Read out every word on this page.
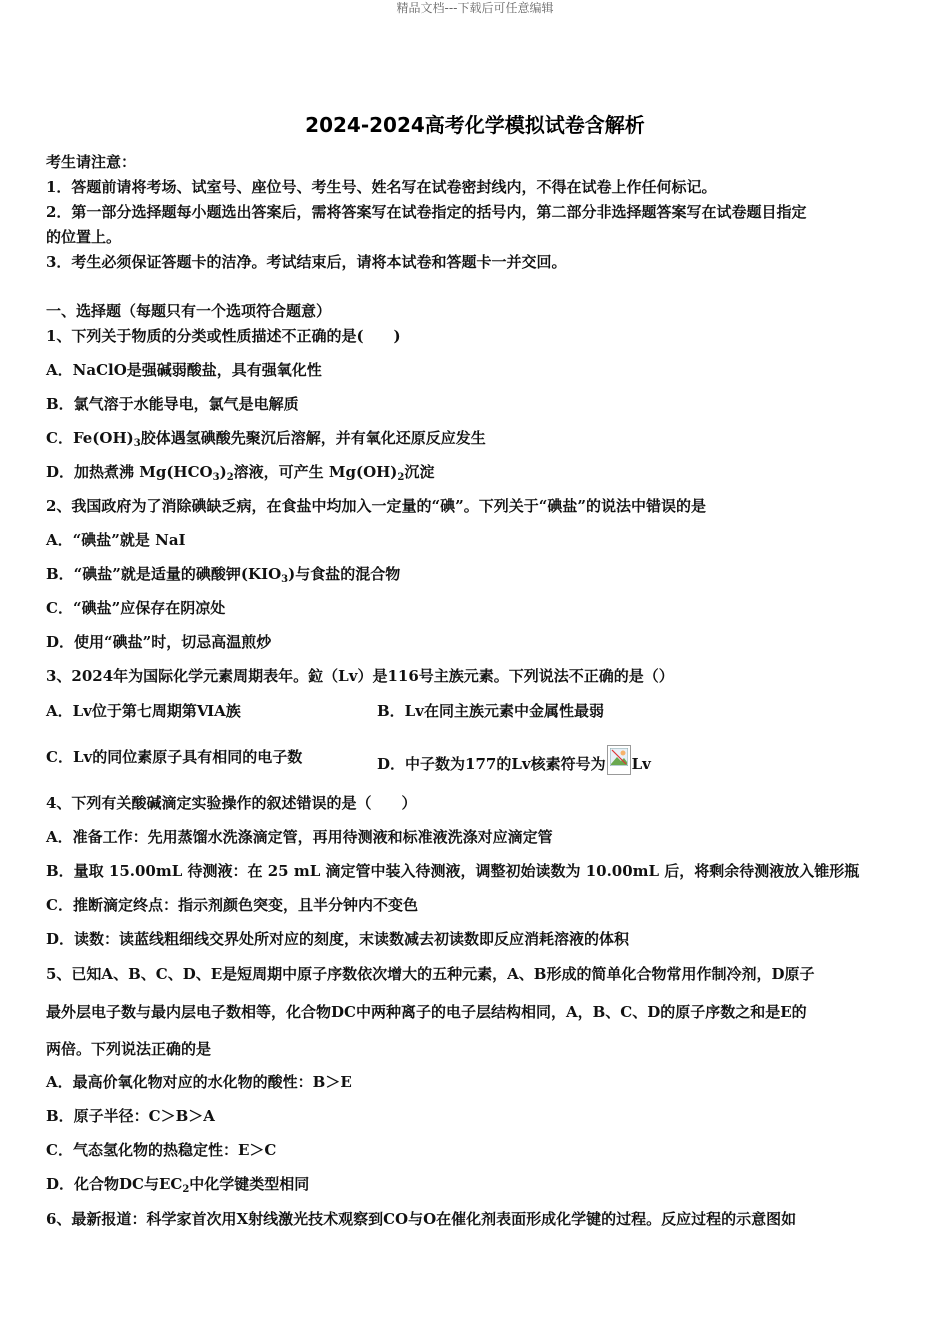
精品文档---下载后可任意编辑
2024-2024高考化学模拟试卷含解析
考生请注意：
1．答题前请将考场、试室号、座位号、考生号、姓名写在试卷密封线内，不得在试卷上作任何标记。
2．第一部分选择题每小题选出答案后，需将答案写在试卷指定的括号内，第二部分非选择题答案写在试卷题目指定
的位置上。
3．考生必须保证答题卡的洁净。考试结束后，请将本试卷和答题卡一并交回。
一、选择题（每题只有一个选项符合题意）
1、下列关于物质的分类或性质描述不正确的是(　　)
A．NaClO是强碱弱酸盐，具有强氧化性
B．氯气溶于水能导电，氯气是电解质
C．$Fe(OH)_3$胶体遇氢碘酸先聚沉后溶解，并有氧化还原反应发生
D．加热煮沸 $Mg(HCO_3)_2$溶液，可产生 $Mg(OH)_2$沉淀
2、我国政府为了消除碘缺乏病，在食盐中均加入一定量的“碘”。下列关于“碘盐”的说法中错误的是
A．“碘盐”就是 NaI
B．“碘盐”就是适量的碘酸钾$(KIO_3)$与食盐的混合物
C．“碘盐”应保存在阴凉处
D．使用“碘盐”时，切忌高温煎炒
3、2024年为国际化学元素周期表年。鉝（Lv）是116号主族元素。下列说法不正确的是（）
A．Lv位于第七周期第ⅥA族	B．Lv在同主族元素中金属性最弱
C．Lv的同位素原子具有相同的电子数	D．中子数为177的Lv核素符号为 Lv
4、下列有关酸碱滴定实验操作的叙述错误的是（　　）
A．准备工作：先用蒸馏水洗涤滴定管，再用待测液和标准液洗涤对应滴定管
B．量取 15.00mL 待测液：在 25 mL 滴定管中装入待测液，调整初始读数为 10.00mL 后，将剩余待测液放入锥形瓶
C．推断滴定终点：指示剂颜色突变，且半分钟内不变色
D．读数：读蓝线粗细线交界处所对应的刻度，末读数减去初读数即反应消耗溶液的体积
5、已知A、B、C、D、E是短周期中原子序数依次增大的五种元素，A、B形成的简单化合物常用作制冷剂，D原子
最外层电子数与最内层电子数相等，化合物DC中两种离子的电子层结构相同，A，B、C、D的原子序数之和是E的
两倍。下列说法正确的是
A．最高价氧化物对应的水化物的酸性：B＞E
B．原子半径：C＞B＞A
C．气态氢化物的热稳定性：E＞C
D．化合物DC与$EC_2$中化学键类型相同
6、最新报道：科学家首次用X射线激光技术观察到CO与O在催化剂表面形成化学键的过程。反应过程的示意图如
